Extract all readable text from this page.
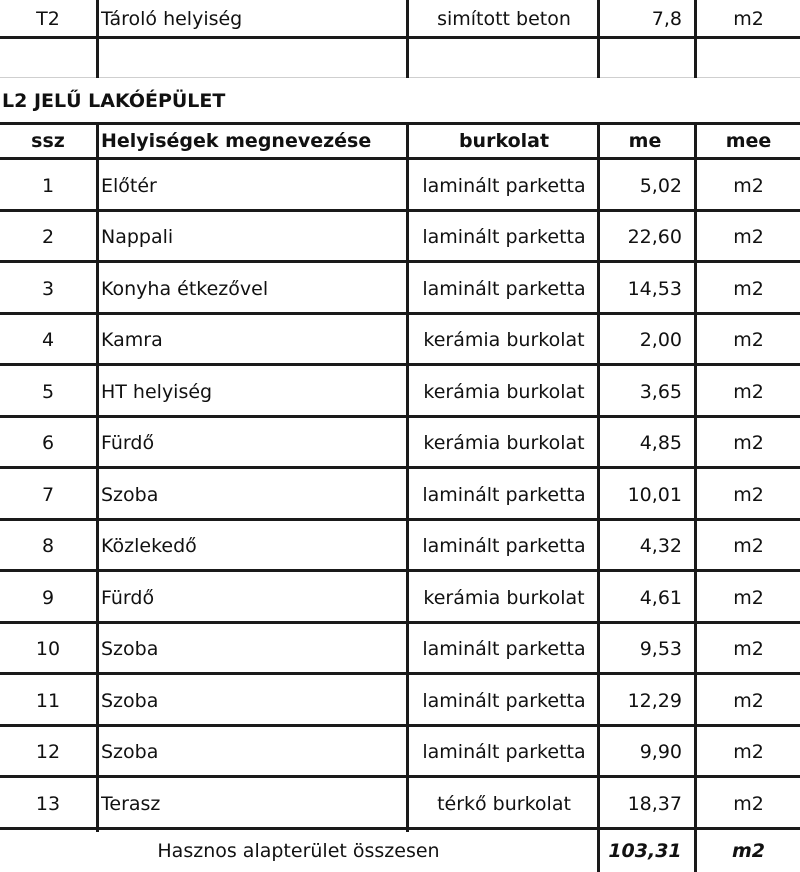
T2	Tároló helyiség	simított beton	7,8	m2
L2 JELŰ LAKÓÉPÜLET
ssz	Helyiségek megnevezése	burkolat	me	mee
1	Előtér	laminált parketta	5,02	m2
2	Nappali	laminált parketta	22,60	m2
3	Konyha étkezővel	laminált parketta	14,53	m2
4	Kamra	kerámia burkolat	2,00	m2
5	HT helyiség	kerámia burkolat	3,65	m2
6	Fürdő	kerámia burkolat	4,85	m2
7	Szoba	laminált parketta	10,01	m2
8	Közlekedő	laminált parketta	4,32	m2
9	Fürdő	kerámia burkolat	4,61	m2
10	Szoba	laminált parketta	9,53	m2
11	Szoba	laminált parketta	12,29	m2
12	Szoba	laminált parketta	9,90	m2
13	Terasz	térkő burkolat	18,37	m2
Hasznos alapterület összesen	103,31	m2
